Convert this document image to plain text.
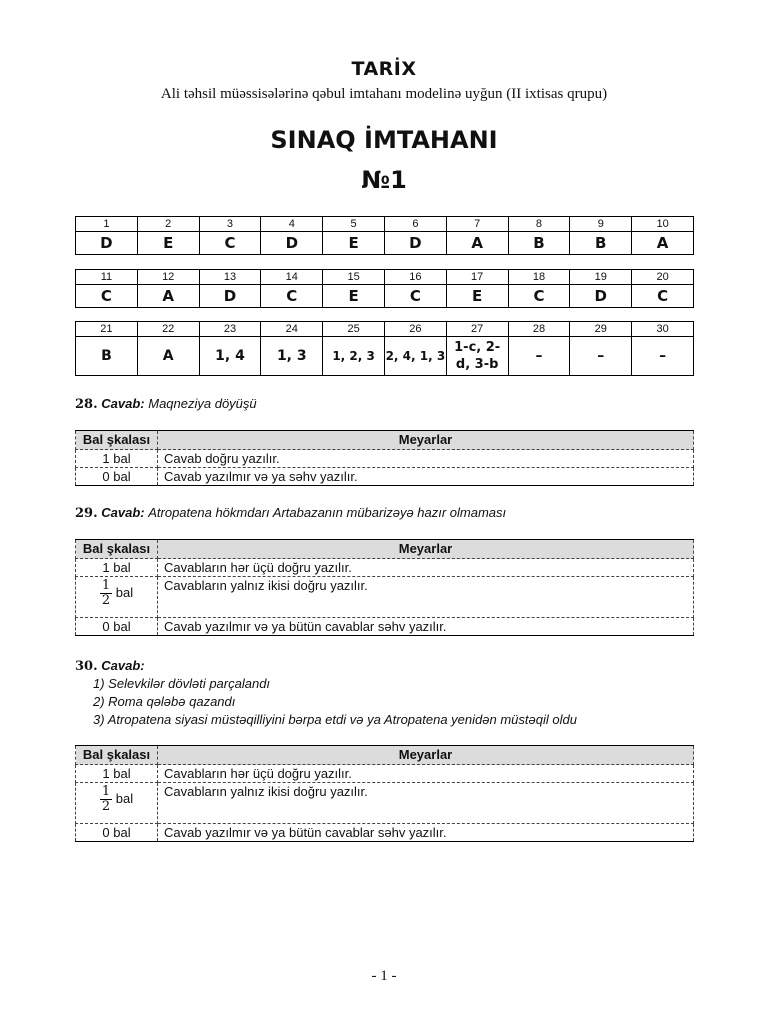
TARİX
Ali təhsil müəssisələrinə qəbul imtahanı modelinə uyğun (II ixtisas qrupu)
SINAQ İMTAHANI
№1
1	2	3	4	5	6	7	8	9	10
D	E	C	D	E	D	A	B	B	A
11	12	13	14	15	16	17	18	19	20
C	A	D	C	E	C	E	C	D	C
21	22	23	24	25	26	27	28	29	30
B	A	1, 4	1, 3	1, 2, 3	2, 4, 1, 3	1-c, 2-d, 3-b	–	–	–
28. Cavab: Maqneziya döyüşü
Bal şkalası	Meyarlar
1 bal	Cavab doğru yazılır.
0 bal	Cavab yazılmır və ya səhv yazılır.
29. Cavab: Atropatena hökmdarı Artabazanın mübarizəyə hazır olmaması
Bal şkalası	Meyarlar
1 bal	Cavabların hər üçü doğru yazılır.

$\frac{1}{2}$ bal	Cavabların yalnız ikisi doğru yazılır.
0 bal	Cavab yazılmır və ya bütün cavablar səhv yazılır.
30. Cavab:
1) Selevkilər dövləti parçalandı
2) Roma qələbə qazandı
3) Atropatena siyasi müstəqilliyini bərpa etdi və ya Atropatena yenidən müstəqil oldu
Bal şkalası	Meyarlar
1 bal	Cavabların hər üçü doğru yazılır.

$\frac{1}{2}$ bal	Cavabların yalnız ikisi doğru yazılır.
0 bal	Cavab yazılmır və ya bütün cavablar səhv yazılır.
- 1 -
